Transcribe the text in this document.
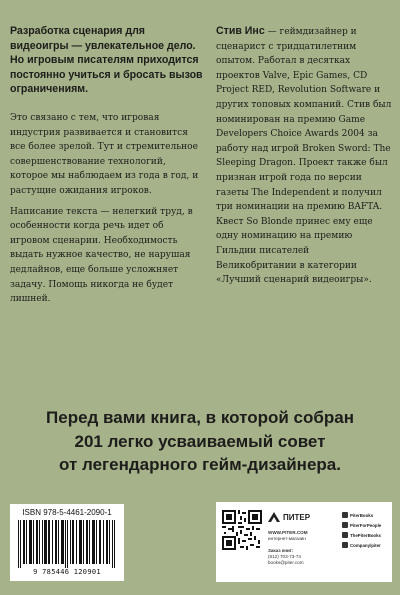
Разработка сценария для видеоигры — увлекательное дело. Но игровым писателям приходится постоянно учиться и бросать вызов ограничениям.

Это связано с тем, что игровая индустрия развивается и становится все более зрелой. Тут и стремительное совершенствование технологий, которое мы наблюдаем из года в год, и растущие ожидания игроков.

Написание текста — нелегкий труд, в особенности когда речь идет об игровом сценарии. Необходимость выдать нужное качество, не нарушая дедлайнов, еще больше усложняет задачу. Помощь никогда не будет лишней.

Стив Инс — геймдизайнер и сценарист с тридцатилетним опытом. Работал в десятках проектов Valve, Epic Games, CD Project RED, Revolution Software и других топовых компаний. Стив был номинирован на премию Game Developers Choice Awards 2004 за работу над игрой Broken Sword: The Sleeping Dragon. Проект также был признан игрой года по версии газеты The Independent и получил три номинации на премию BAFTA. Квест So Blonde принес ему еще одну номинацию на премию Гильдии писателей Великобритании в категории «Лучший сценарий видеоигры».

Перед вами книга, в которой собран
201 легко усваиваемый совет
от легендарного гейм-дизайнера.
ISBN 978-5-4461-2090-1
9 785446 120901
ПИТЕР
WWW.PITER.COM
интернет-магазин
Заказ книг:
(812) 703-73-74
books@piter.com
PiterBooks
PiterForPeople
ThePiterBooks
Company/piter
